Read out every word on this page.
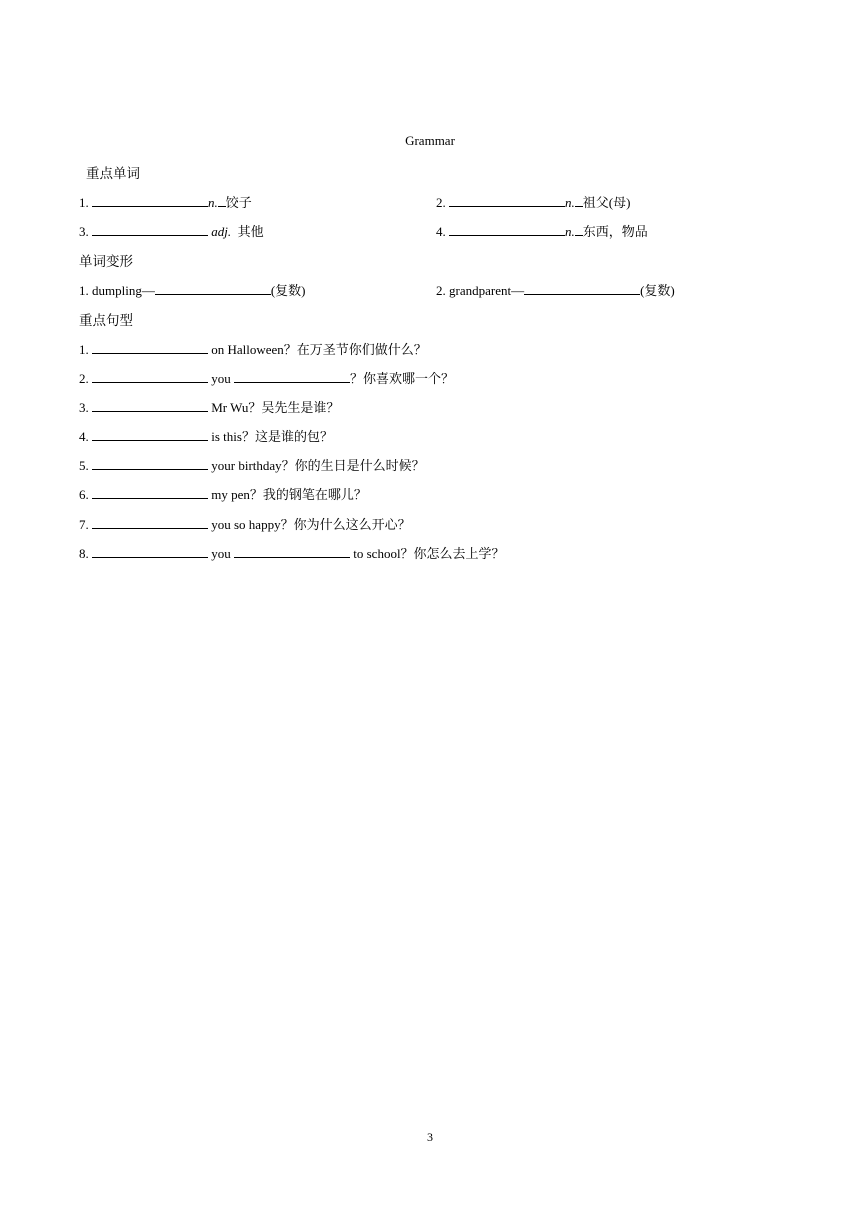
Grammar
重点单词
1.	n. 饺子	2.	n. 祖父(母)
3.	adj. 其他	4.	n. 东西，物品
单词变形
1. dumpling—	(复数)	2. grandparent—	(复数)
重点句型
1.	on Halloween？在万圣节你们做什么？
2.	you	？你喜欢哪一个？
3.	Mr Wu？吴先生是谁？
4.	is this？这是谁的包？
5.	your birthday？你的生日是什么时候？
6.	my pen？我的钢笔在哪儿？
7.	you so happy？你为什么这么开心？
8.	you	to school？你怎么去上学？
3
